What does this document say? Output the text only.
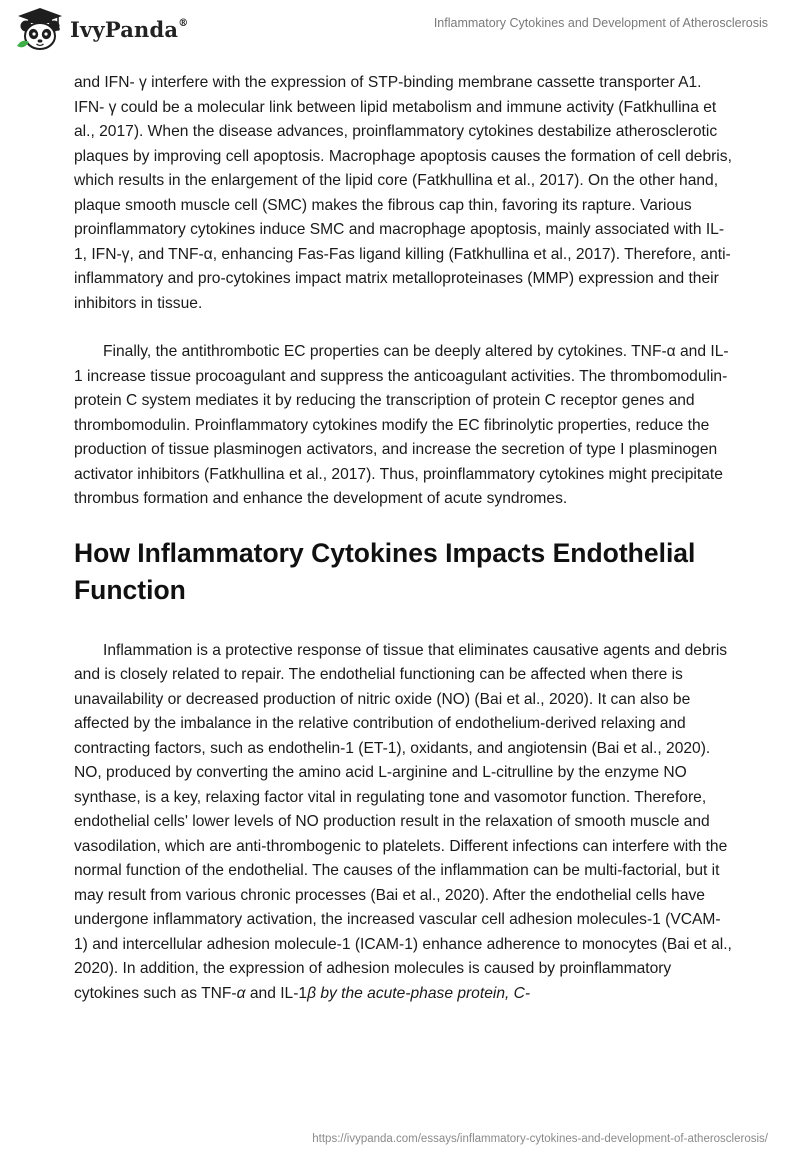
IvyPanda®	Inflammatory Cytokines and Development of Atherosclerosis

and IFN- γ interfere with the expression of STP-binding membrane cassette transporter A1. IFN- γ could be a molecular link between lipid metabolism and immune activity (Fatkhullina et al., 2017). When the disease advances, proinflammatory cytokines destabilize atherosclerotic plaques by improving cell apoptosis. Macrophage apoptosis causes the formation of cell debris, which results in the enlargement of the lipid core (Fatkhullina et al., 2017). On the other hand, plaque smooth muscle cell (SMC) makes the fibrous cap thin, favoring its rapture. Various proinflammatory cytokines induce SMC and macrophage apoptosis, mainly associated with IL-1, IFN-γ, and TNF-α, enhancing Fas-Fas ligand killing (Fatkhullina et al., 2017). Therefore, anti-inflammatory and pro-cytokines impact matrix metalloproteinases (MMP) expression and their inhibitors in tissue.

Finally, the antithrombotic EC properties can be deeply altered by cytokines. TNF-α and IL-1 increase tissue procoagulant and suppress the anticoagulant activities. The thrombomodulin-protein C system mediates it by reducing the transcription of protein C receptor genes and thrombomodulin. Proinflammatory cytokines modify the EC fibrinolytic properties, reduce the production of tissue plasminogen activators, and increase the secretion of type I plasminogen activator inhibitors (Fatkhullina et al., 2017). Thus, proinflammatory cytokines might precipitate thrombus formation and enhance the development of acute syndromes.

How Inflammatory Cytokines Impacts Endothelial Function

Inflammation is a protective response of tissue that eliminates causative agents and debris and is closely related to repair. The endothelial functioning can be affected when there is unavailability or decreased production of nitric oxide (NO) (Bai et al., 2020). It can also be affected by the imbalance in the relative contribution of endothelium-derived relaxing and contracting factors, such as endothelin-1 (ET-1), oxidants, and angiotensin (Bai et al., 2020). NO, produced by converting the amino acid L-arginine and L-citrulline by the enzyme NO synthase, is a key, relaxing factor vital in regulating tone and vasomotor function. Therefore, endothelial cells' lower levels of NO production result in the relaxation of smooth muscle and vasodilation, which are anti-thrombogenic to platelets. Different infections can interfere with the normal function of the endothelial. The causes of the inflammation can be multi-factorial, but it may result from various chronic processes (Bai et al., 2020). After the endothelial cells have undergone inflammatory activation, the increased vascular cell adhesion molecules-1 (VCAM-1) and intercellular adhesion molecule-1 (ICAM-1) enhance adherence to monocytes (Bai et al., 2020). In addition, the expression of adhesion molecules is caused by proinflammatory cytokines such as TNF-α and IL-1β by the acute-phase protein, C-

https://ivypanda.com/essays/inflammatory-cytokines-and-development-of-atherosclerosis/
